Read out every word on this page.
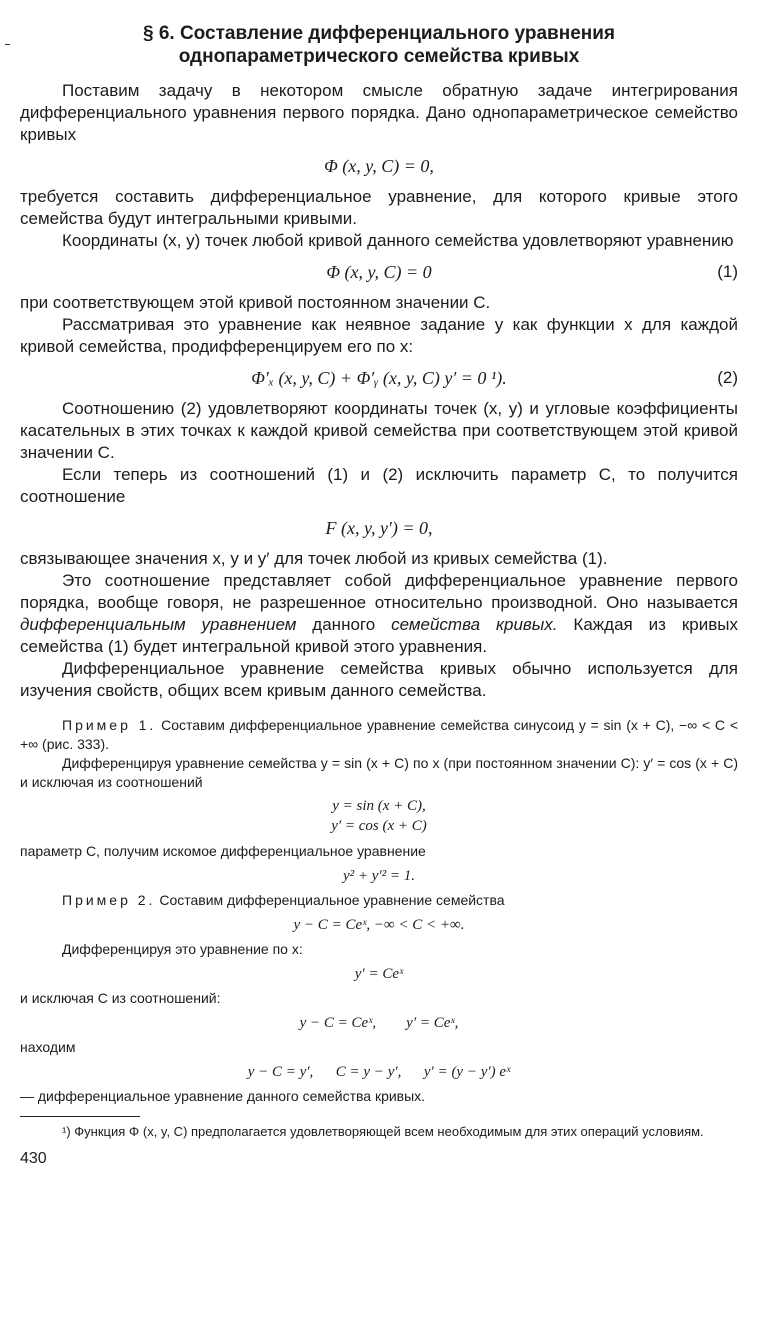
§ 6. Составление дифференциального уравнения
однопараметрического семейства кривых

Поставим задачу в некотором смысле обратную задаче интегрирования дифференциального уравнения первого порядка. Дано однопараметрическое семейство кривых

Φ (x, y, C) = 0,

требуется составить дифференциальное уравнение, для которого кривые этого семейства будут интегральными кривыми.

Координаты (x, y) точек любой кривой данного семейства удовлетворяют уравнению

Φ (x, y, C) = 0	(1)

при соответствующем этой кривой постоянном значении C.

Рассматривая это уравнение как неявное задание y как функции x для каждой кривой семейства, продифференцируем его по x:

Φ′ₓ (x, y, C) + Φ′ᵧ (x, y, C) y′ = 0 ¹).	(2)

Соотношению (2) удовлетворяют координаты точек (x, y) и угловые коэффициенты касательных в этих точках к каждой кривой семейства при соответствующем этой кривой значении C.

Если теперь из соотношений (1) и (2) исключить параметр C, то получится соотношение

F (x, y, y′) = 0,

связывающее значения x, y и y′ для точек любой из кривых семейства (1).

Это соотношение представляет собой дифференциальное уравнение первого порядка, вообще говоря, не разрешенное относительно производной. Оно называется дифференциальным уравнением данного семейства кривых. Каждая из кривых семейства (1) будет интегральной кривой этого уравнения.

Дифференциальное уравнение семейства кривых обычно используется для изучения свойств, общих всем кривым данного семейства.

Пример 1. Составим дифференциальное уравнение семейства синусоид y = sin (x + C), −∞ < C < +∞ (рис. 333).

Дифференцируя уравнение семейства y = sin (x + C) по x (при постоянном значении C): y′ = cos (x + C) и исключая из соотношений

y = sin (x + C),
y′ = cos (x + C)

параметр C, получим искомое дифференциальное уравнение

y² + y′² = 1.

Пример 2. Составим дифференциальное уравнение семейства

y − C = Ceˣ, −∞ < C < +∞.

Дифференцируя это уравнение по x:

y′ = Ceˣ

и исключая C из соотношений:

y − C = Ceˣ,        y′ = Ceˣ,

находим

y − C = y′,      C = y − y′,      y′ = (y − y′) eˣ

— дифференциальное уравнение данного семейства кривых.

¹) Функция Φ (x, y, C) предполагается удовлетворяющей всем необходимым для этих операций условиям.

430
